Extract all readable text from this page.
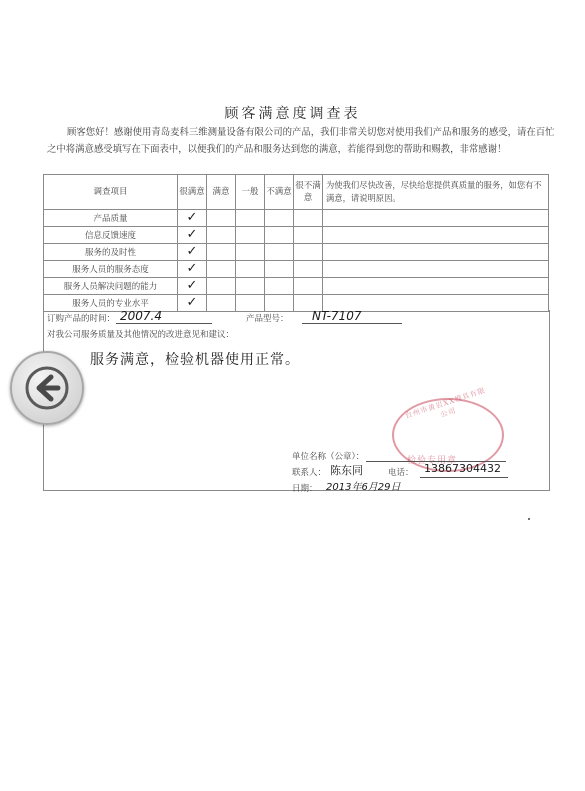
顾客满意度调查表
顾客您好！感谢使用青岛麦科三维测量设备有限公司的产品，我们非常关切您对使用我们产品和服务的感受，请在百忙之中将满意感受填写在下面表中，以便我们的产品和服务达到您的满意，若能得到您的帮助和赐教，非常感谢！
调查项目	很满意	满意	一般	不满意	很不满意	为使我们尽快改善，尽快给您提供真质量的服务，如您有不满意，请说明原因。
产品质量	✓					
信息反馈速度	✓					
服务的及时性	✓					
服务人员的服务态度	✓					
服务人员解决问题的能力	✓					
服务人员的专业水平	✓					
订购产品的时间： 2007.4	产品型号： NT-7107
对我公司服务质量及其他情况的改进意见和建议：
服务满意，检验机器使用正常。
台州市黄岩XX模具有限公司
检验专用章
单位名称（公章）：
联系人： 陈东同	电话： 13867304432
日期： 2013年6月29日
